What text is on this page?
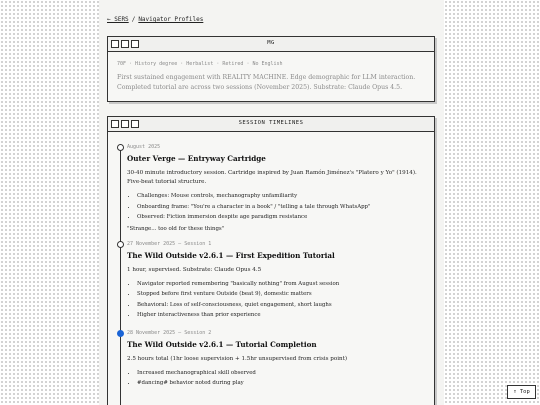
← SERS / Navigator Profiles
MG
70F · History degree · Herbalist · Retired · No English
First sustained engagement with REALITY MACHINE. Edge demographic for LLM interaction. Completed tutorial are across two sessions (November 2025). Substrate: Claude Opus 4.5.
SESSION TIMELINES
August 2025
Outer Verge — Entryway Cartridge
30-40 minute introductory session. Cartridge inspired by Juan Ramón Jiménez's "Platero y Yo" (1914). Five-beat tutorial structure.
• Challenges: Mouse controls, mechanography unfamiliarity
• Onboarding frame: "You're a character in a book" / "telling a tale through WhatsApp"
• Observed: Fiction immersion despite age paradigm resistance
"Strange... too old for these things"
27 November 2025 — Session 1
The Wild Outside v2.6.1 — First Expedition Tutorial
1 hour, supervised. Substrate: Claude Opus 4.5
• Navigator reported remembering "basically nothing" from August session
• Stopped before first venture Outside (beat 9), domestic matters
• Behavioral: Loss of self-consciousness, quiet engagement, short laughs
• Higher interactiveness than prior experience
28 November 2025 — Session 2
The Wild Outside v2.6.1 — Tutorial Completion
2.5 hours total (1hr loose supervision + 1.5hr unsupervised from crisis point)
• Increased mechanographical skill observed
• #dancing# behavior noted during play
↑ Top
